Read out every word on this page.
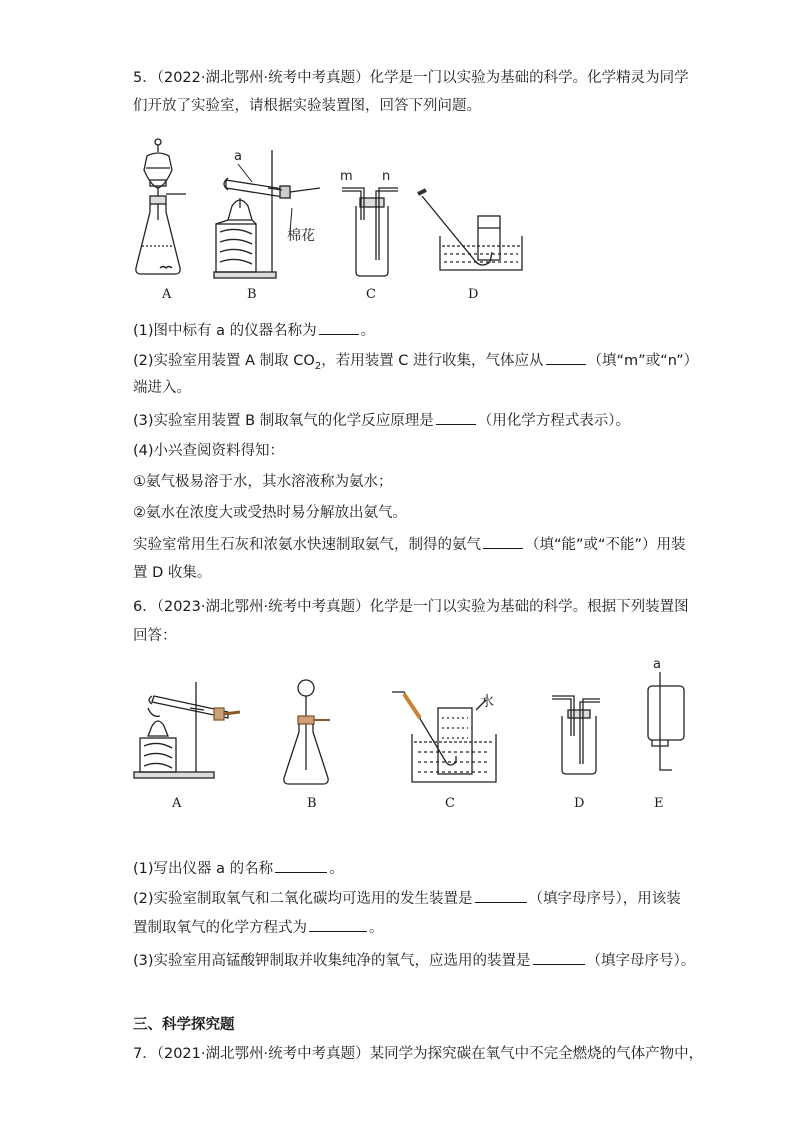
5．（2022·湖北鄂州·统考中考真题）化学是一门以实验为基础的科学。化学精灵为同学
们开放了实验室，请根据实验装置图，回答下列问题。
a
m n
棉花
A	B	C	D
(1)图中标有 a 的仪器名称为	。
(2)实验室用装置 A 制取 $CO_2$，若用装置 C 进行收集，气体应从	（填“m”或“n”）
端进入。
(3)实验室用装置 B 制取氧气的化学反应原理是	（用化学方程式表示）。
(4)小兴查阅资料得知：
①氨气极易溶于水，其水溶液称为氨水；
②氨水在浓度大或受热时易分解放出氨气。
实验室常用生石灰和浓氨水快速制取氨气，制得的氨气	（填“能”或“不能”）用装
置 D 收集。
6．（2023·湖北鄂州·统考中考真题）化学是一门以实验为基础的科学。根据下列装置图
回答：
a
水
A	B	C	D	E
(1)写出仪器 a 的名称	。
(2)实验室制取氧气和二氧化碳均可选用的发生装置是	（填字母序号），用该装
置制取氧气的化学方程式为	。
(3)实验室用高锰酸钾制取并收集纯净的氧气，应选用的装置是	（填字母序号）。
三、科学探究题
7．（2021·湖北鄂州·统考中考真题）某同学为探究碳在氧气中不完全燃烧的气体产物中，
